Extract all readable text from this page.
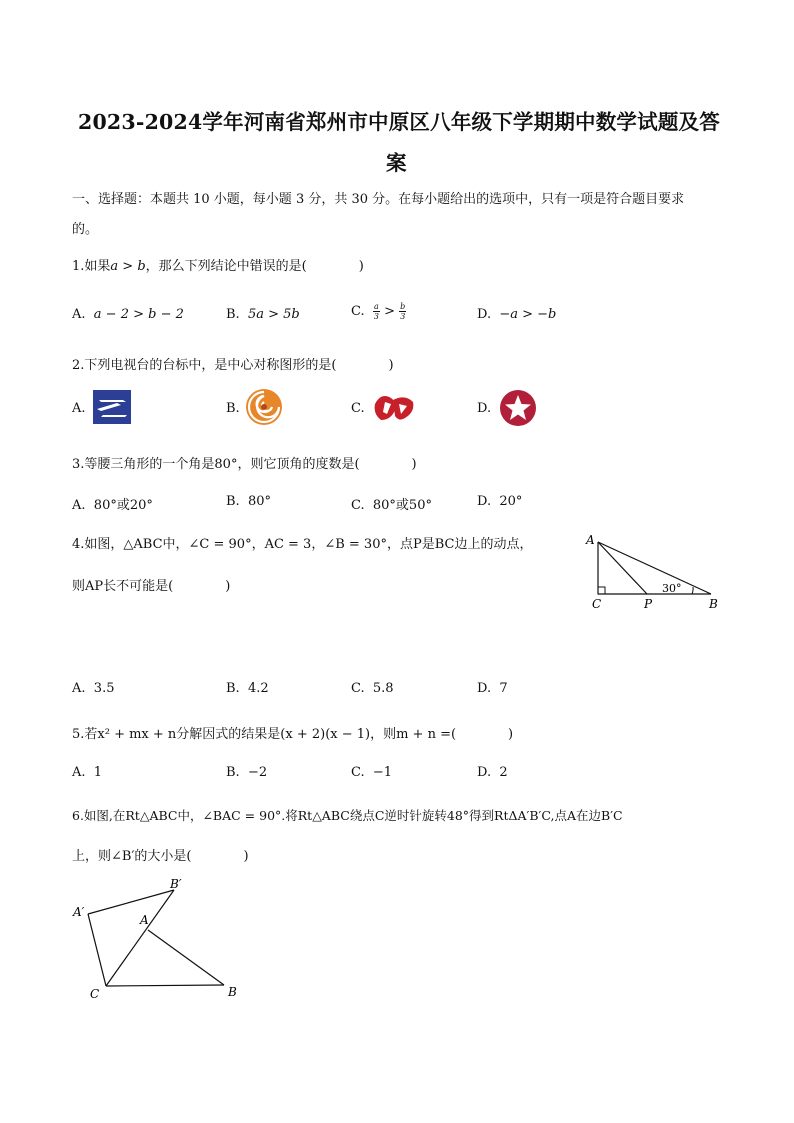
2023-2024学年河南省郑州市中原区八年级下学期期中数学试题及答
案
一、选择题：本题共 10 小题，每小题 3 分，共 30 分。在每小题给出的选项中，只有一项是符合题目要求
的。
1.如果a > b，那么下列结论中错误的是(　　　　)
A. a − 2 > b − 2	B. 5a > 5b	C. $\frac{a}{3} > \frac{b}{3}$	D. −a > −b
2.下列电视台的台标中，是中心对称图形的是(　　　　)
A.	B.	C.	D.
3.等腰三角形的一个角是80°，则它顶角的度数是(　　　　)
A. 80°或20°	B. 80°	C. 80°或50°	D. 20°
4.如图，△ABC中，∠C = 90°，AC = 3，∠B = 30°，点P是BC边上的动点，
则AP长不可能是(　　　　)
A
C	P	B
30°
A. 3.5	B. 4.2	C. 5.8	D. 7
5.若x² + mx + n分解因式的结果是(x + 2)(x − 1)，则m + n =(　　　　)
A. 1	B. −2	C. −1	D. 2
6.如图,在Rt△ABC中，∠BAC = 90°.将Rt△ABC绕点C逆时针旋转48°得到RtΔA′B′C,点A在边B′C
上，则∠B′的大小是(　　　　)
A′
B′
A
C	B
